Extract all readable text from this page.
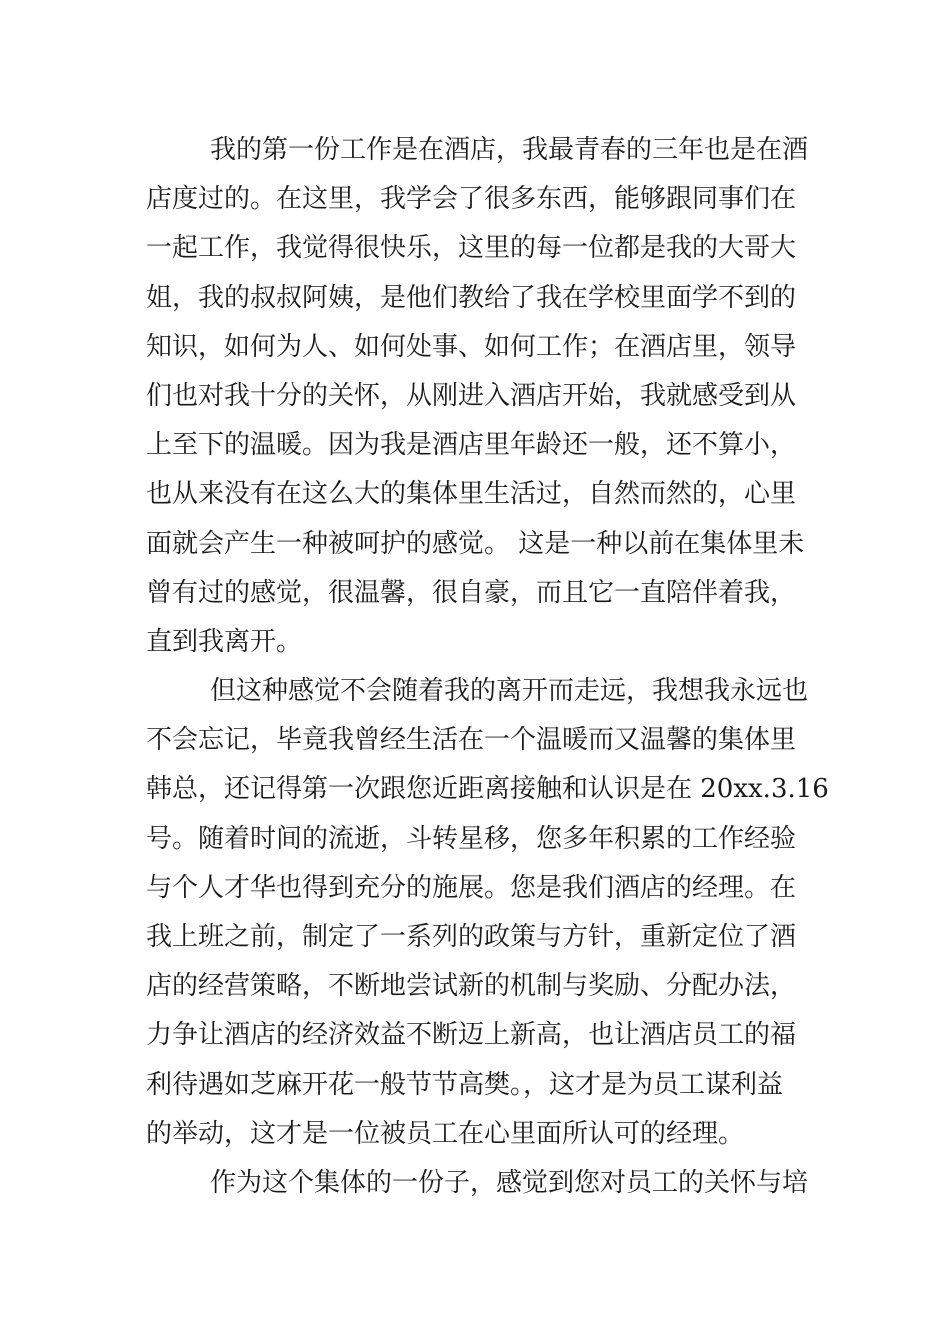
我的第一份工作是在酒店，我最青春的三年也是在酒
店度过的。在这里，我学会了很多东西，能够跟同事们在
一起工作，我觉得很快乐，这里的每一位都是我的大哥大
姐，我的叔叔阿姨，是他们教给了我在学校里面学不到的
知识，如何为人、如何处事、如何工作；在酒店里，领导
们也对我十分的关怀，从刚进入酒店开始，我就感受到从
上至下的温暖。因为我是酒店里年龄还一般，还不算小，
也从来没有在这么大的集体里生活过，自然而然的，心里
面就会产生一种被呵护的感觉。 这是一种以前在集体里未
曾有过的感觉，很温馨，很自豪，而且它一直陪伴着我，
直到我离开。
但这种感觉不会随着我的离开而走远，我想我永远也
不会忘记，毕竟我曾经生活在一个温暖而又温馨的集体里
韩总，还记得第一次跟您近距离接触和认识是在 20xx.3.16
号。随着时间的流逝，斗转星移，您多年积累的工作经验
与个人才华也得到充分的施展。您是我们酒店的经理。在
我上班之前，制定了一系列的政策与方针，重新定位了酒
店的经营策略，不断地尝试新的机制与奖励、分配办法，
力争让酒店的经济效益不断迈上新高，也让酒店员工的福
利待遇如芝麻开花一般节节高樊。，这才是为员工谋利益
的举动，这才是一位被员工在心里面所认可的经理。
作为这个集体的一份子，感觉到您对员工的关怀与培
